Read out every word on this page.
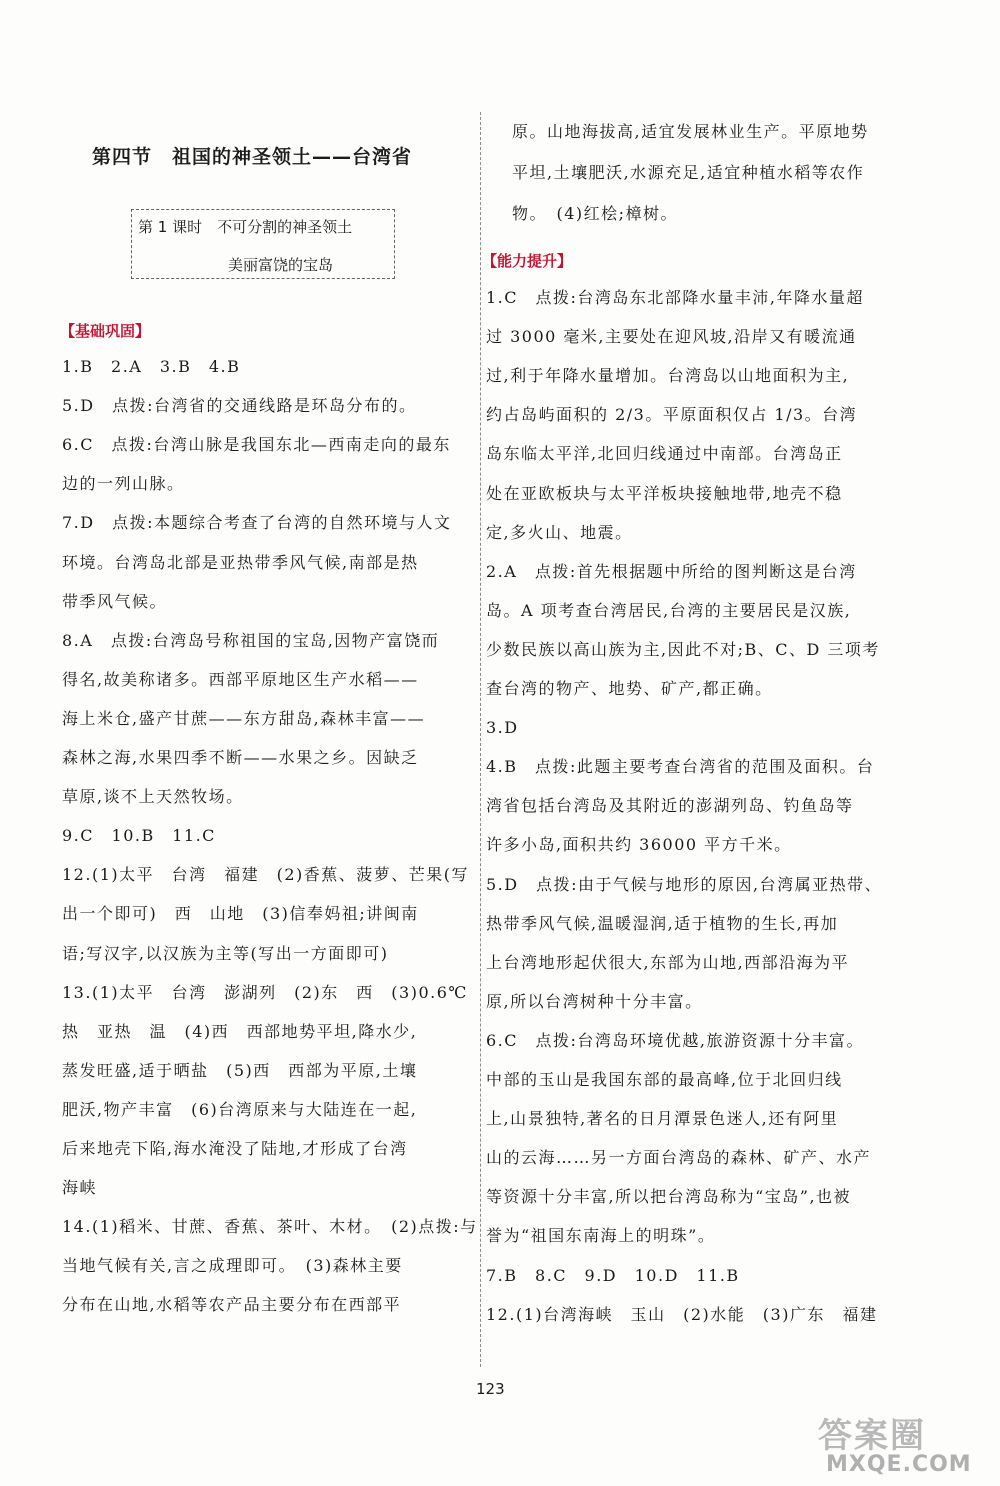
第四节　祖国的神圣领土——台湾省
第 1 课时　不可分割的神圣领土
美丽富饶的宝岛
【基础巩固】
【能力提升】
1.B　2.A　3.B　4.B
5.D　点拨:台湾省的交通线路是环岛分布的。
6.C　点拨:台湾山脉是我国东北—西南走向的最东
边的一列山脉。
7.D　点拨:本题综合考查了台湾的自然环境与人文
环境。台湾岛北部是亚热带季风气候,南部是热
带季风气候。
8.A　点拨:台湾岛号称祖国的宝岛,因物产富饶而
得名,故美称诸多。西部平原地区生产水稻——
海上米仓,盛产甘蔗——东方甜岛,森林丰富——
森林之海,水果四季不断——水果之乡。因缺乏
草原,谈不上天然牧场。
9.C　10.B　11.C
12.(1)太平　台湾　福建　(2)香蕉、菠萝、芒果(写
出一个即可)　西　山地　(3)信奉妈祖;讲闽南
语;写汉字,以汉族为主等(写出一方面即可)
13.(1)太平　台湾　澎湖列　(2)东　西　(3)0.6℃
热　亚热　温　(4)西　西部地势平坦,降水少,
蒸发旺盛,适于晒盐　(5)西　西部为平原,土壤
肥沃,物产丰富　(6)台湾原来与大陆连在一起,
后来地壳下陷,海水淹没了陆地,才形成了台湾
海峡
14.(1)稻米、甘蔗、香蕉、茶叶、木材。　(2)点拨:与
当地气候有关,言之成理即可。　(3)森林主要
分布在山地,水稻等农产品主要分布在西部平
原。山地海拔高,适宜发展林业生产。平原地势
平坦,土壤肥沃,水源充足,适宜种植水稻等农作
物。　(4)红桧;樟树。
1.C　点拨:台湾岛东北部降水量丰沛,年降水量超
过 3000 毫米,主要处在迎风坡,沿岸又有暖流通
过,利于年降水量增加。台湾岛以山地面积为主,
约占岛屿面积的 2/3。平原面积仅占 1/3。台湾
岛东临太平洋,北回归线通过中南部。台湾岛正
处在亚欧板块与太平洋板块接触地带,地壳不稳
定,多火山、地震。
2.A　点拨:首先根据题中所给的图判断这是台湾
岛。A 项考查台湾居民,台湾的主要居民是汉族,
少数民族以高山族为主,因此不对;B、C、D 三项考
查台湾的物产、地势、矿产,都正确。
3.D
4.B　点拨:此题主要考查台湾省的范围及面积。台
湾省包括台湾岛及其附近的澎湖列岛、钓鱼岛等
许多小岛,面积共约 36000 平方千米。
5.D　点拨:由于气候与地形的原因,台湾属亚热带、
热带季风气候,温暖湿润,适于植物的生长,再加
上台湾地形起伏很大,东部为山地,西部沿海为平
原,所以台湾树种十分丰富。
6.C　点拨:台湾岛环境优越,旅游资源十分丰富。
中部的玉山是我国东部的最高峰,位于北回归线
上,山景独特,著名的日月潭景色迷人,还有阿里
山的云海……另一方面台湾岛的森林、矿产、水产
等资源十分丰富,所以把台湾岛称为“宝岛”,也被
誉为“祖国东南海上的明珠”。
7.B　8.C　9.D　10.D　11.B
12.(1)台湾海峡　玉山　(2)水能　(3)广东　福建
123
答案圈
MXQE.COM
